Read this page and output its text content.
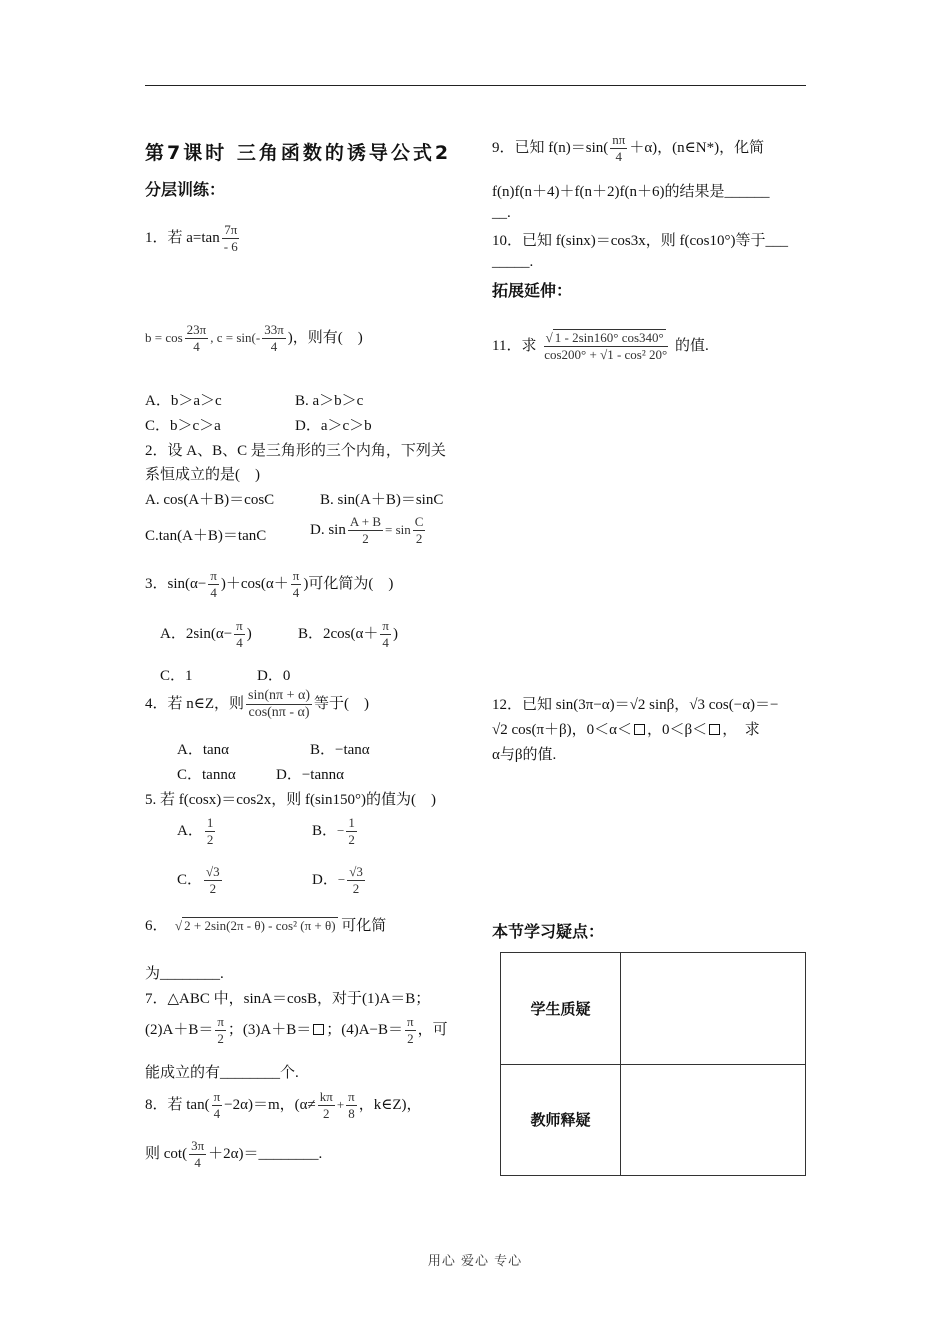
第7课时 三角函数的诱导公式2
分层训练：
1．若 $a=\tan \frac{7\pi}{- 6}$
$b = \cos \frac{23\pi}{4}$ , $c = \sin(- \frac{33\pi}{4}$ )，则有(　)
A．b＞a＞c	B. a＞b＞c
C．b＞c＞a	D．a＞c＞b
2．设 A、B、C 是三角形的三个内角，下列关
系恒成立的是(　)
A. cos(A＋B)＝cosC	B. sin(A＋B)＝sinC
C.tan(A＋B)＝tanC	D. $\sin \frac{A + B}{2} = \sin \frac{C}{2}$
3．$\sin(\alpha- \frac{\pi}{4} )+\cos(\alpha+ \frac{\pi}{4}$ )可化简为(　)
A．$2\sin(\alpha- \frac{\pi}{4}$ )	B．$2\cos(\alpha+ \frac{\pi}{4}$ )
C．1	D．0
4．若 n∈Z，则 $\frac{\sin(n\pi + \alpha)}{\cos(n\pi - \alpha)}$ 等于(　)
A．tanα	B．−tanα
C．tannα	D．−tannα
5. 若 f(cosx)＝cos2x，则 f(sin150°)的值为(　)
A． $\frac{1}{2}$	B．− $\frac{1}{2}$
C． $\frac{√3}{2}$	D．− $\frac{√3}{2}$
6． √ 2 + 2sin(2π - θ) - cos² (π + θ) 可化简
为________.
7．△ABC 中，sinA＝cosB，对于(1)A＝B；
$(2)A+B= \frac{\pi}{2}$ ；(3)A＋B＝ ；$(4)A-B= \frac{\pi}{2}$ ，可
能成立的有________个.
8．若 $\tan( \frac{\pi}{4} -2\alpha)=m$，($\alpha\ne \frac{k\pi}{2} + \frac{\pi}{8}$ ，k∈Z)，
则 $\cot( \frac{3\pi}{4}$ ＋2α)＝________.
9．已知 $f(n)=\sin( \frac{n\pi}{4} +\alpha)$，(n∈N*)，化简
f(n)f(n＋4)＋f(n＋2)f(n＋6)的结果是______
__.
10．已知 f(sinx)＝cos3x，则 f(cos10°)等于___
_____.
拓展延伸：
11．求 $\frac{√ 1 - 2\sin 160^\circ \cos 340^\circ}{\text{cos200° + √1 - cos² 20°}}$ 的值.
12．已知 sin(3π−α)＝√2 sinβ，√3 cos(−α)＝−
√2 cos(π＋β)，0＜α＜ ，0＜β＜ ，　求
α与β的值.
本节学习疑点：
学生质疑	
教师释疑	
用心 爱心 专心
